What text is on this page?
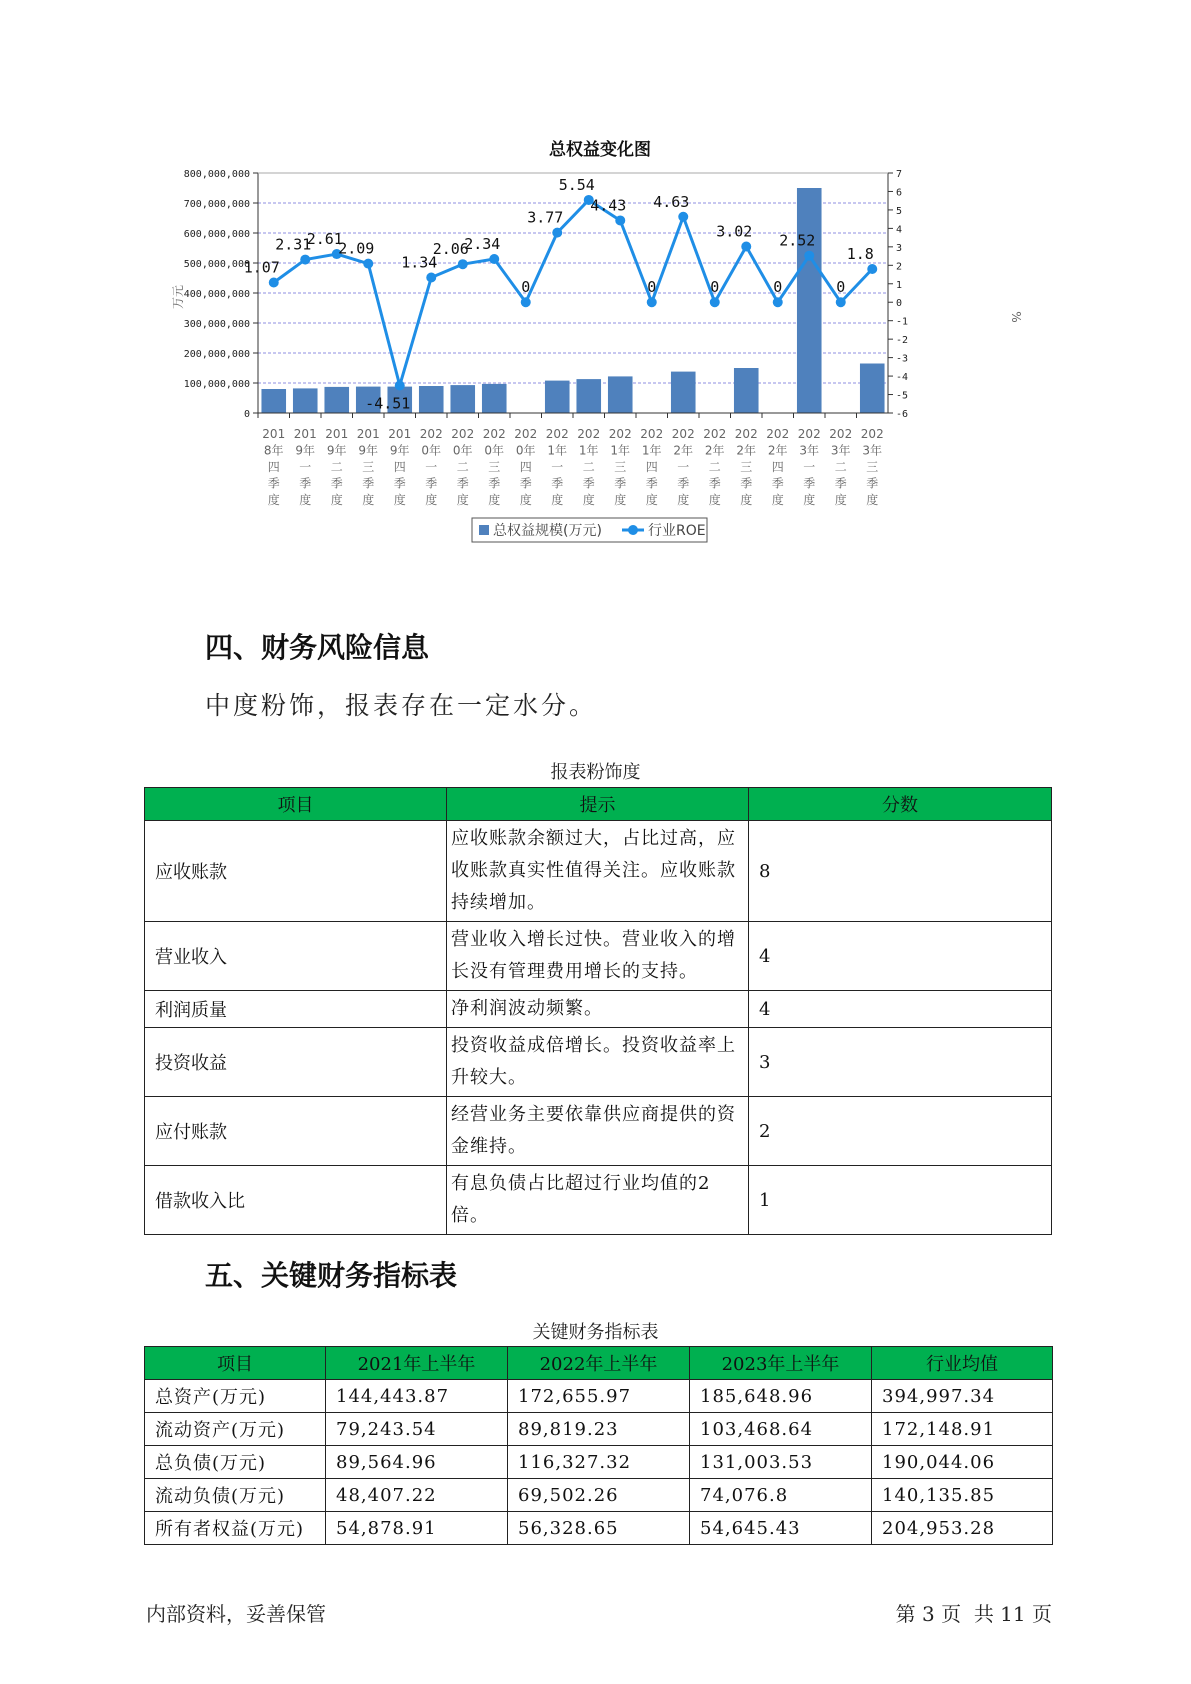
总权益变化图
万元
%
0
100,000,000
200,000,000
300,000,000
400,000,000
500,000,000
600,000,000
700,000,000
800,000,000
-6
-5
-4
-3
-2
-1
0
1
2
3
4
5
6
7
201
8年
四
季
度
201
9年
一
季
度
201
9年
二
季
度
201
9年
三
季
度
201
9年
四
季
度
202
0年
一
季
度
202
0年
二
季
度
202
0年
三
季
度
202
0年
四
季
度
202
1年
一
季
度
202
1年
二
季
度
202
1年
三
季
度
202
1年
四
季
度
202
2年
一
季
度
202
2年
二
季
度
202
2年
三
季
度
202
2年
四
季
度
202
3年
一
季
度
202
3年
二
季
度
202
3年
三
季
度
1.07
2.31
2.61
2.09
-4.51
1.34
2.06
2.34
0
3.77
5.54
4.43
0
4.63
0
3.02
0
2.52
0
1.8
总权益规模(万元)	行业ROE
四、财务风险信息

中度粉饰，报表存在一定水分。

报表粉饰度
项目	提示	分数
应收账款	应收账款余额过大，占比过高，应收账款真实性值得关注。应收账款持续增加。	8
营业收入	营业收入增长过快。营业收入的增长没有管理费用增长的支持。	4
利润质量	净利润波动频繁。	4
投资收益	投资收益成倍增长。投资收益率上升较大。	3
应付账款	经营业务主要依靠供应商提供的资金维持。	2
借款收入比	有息负债占比超过行业均值的2倍。	1
五、关键财务指标表
关键财务指标表
项目	2021年上半年	2022年上半年	2023年上半年	行业均值
总资产(万元)	144,443.87	172,655.97	185,648.96	394,997.34
流动资产(万元)	79,243.54	89,819.23	103,468.64	172,148.91
总负债(万元)	89,564.96	116,327.32	131,003.53	190,044.06
流动负债(万元)	48,407.22	69,502.26	74,076.8	140,135.85
所有者权益(万元)	54,878.91	56,328.65	54,645.43	204,953.28
内部资料，妥善保管	第 3 页  共 11 页
